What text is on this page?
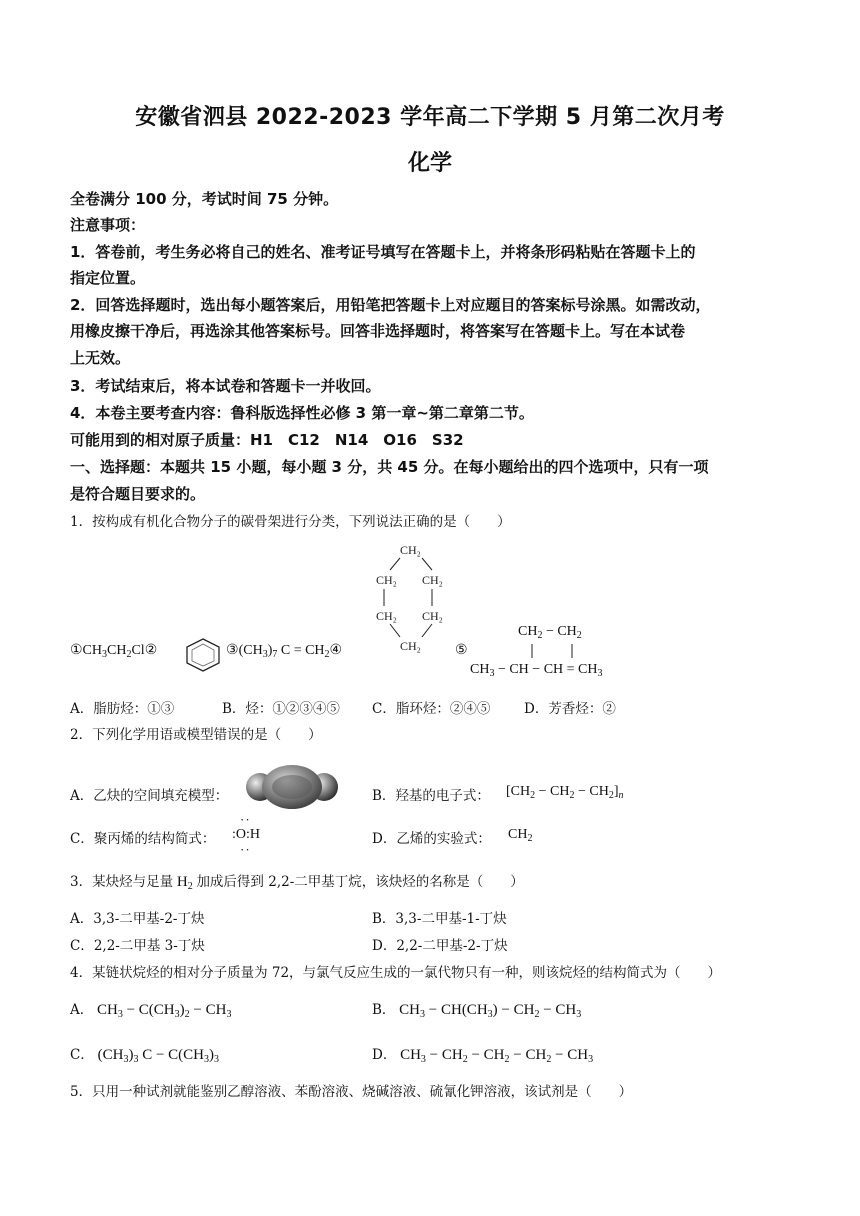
安徽省泗县 2022-2023 学年高二下学期 5 月第二次月考
化学
全卷满分 100 分，考试时间 75 分钟。
注意事项：
1．答卷前，考生务必将自己的姓名、准考证号填写在答题卡上，并将条形码粘贴在答题卡上的
指定位置。
2．回答选择题时，选出每小题答案后，用铅笔把答题卡上对应题目的答案标号涂黑。如需改动，
用橡皮擦干净后，再选涂其他答案标号。回答非选择题时，将答案写在答题卡上。写在本试卷
上无效。
3．考试结束后，将本试卷和答题卡一并收回。
4．本卷主要考查内容：鲁科版选择性必修 3 第一章~第二章第二节。
可能用到的相对原子质量：H1　C12　N14　O16　S32
一、选择题：本题共 15 小题，每小题 3 分，共 45 分。在每小题给出的四个选项中，只有一项
是符合题目要求的。
1．按构成有机化合物分子的碳骨架进行分类，下列说法正确的是（　　）
$①CH_3CH_2Cl②$	$③(CH_3)_7$ $C = CH_2④$
CH₂
CH₂ CH₂
CH₂ CH₂
CH₂ ⑤
$CH_2 - CH_2$
$CH_3$ − CH − CH = $CH_3$
A．脂肪烃：①③	B．烃：①②③④⑤ C．脂环烃：②④⑤ D．芳香烃：②
2．下列化学用语或模型错误的是（　　）
A．乙炔的空间填充模型：	B．羟基的电子式： $[CH_2 - CH_2 - CH_2]_n$
C．聚丙烯的结构简式：
··
:O:H
··
D．乙烯的实验式： $CH_2$
3．某炔烃与足量 $H_2$ 加成后得到 2,2-二甲基丁烷，该炔烃的名称是（　　）
A．3,3-二甲基-2-丁炔	B．3,3-二甲基-1-丁炔
C．2,2-二甲基 3-丁炔	D．2,2-二甲基-2-丁炔
4．某链状烷烃的相对分子质量为 72，与氯气反应生成的一氯代物只有一种，则该烷烃的结构简式为（　　）
A． $CH_3 - C(CH_3)_2 - CH_3$	B． $CH_3 - CH(CH_3) - CH_2 - CH_3$
C． $(CH_3)_3$ $C - C(CH_3)_3$	D． $CH_3 - CH_2 - CH_2 - CH_2 - CH_3$
5．只用一种试剂就能鉴别乙醇溶液、苯酚溶液、烧碱溶液、硫氰化钾溶液，该试剂是（　　）
